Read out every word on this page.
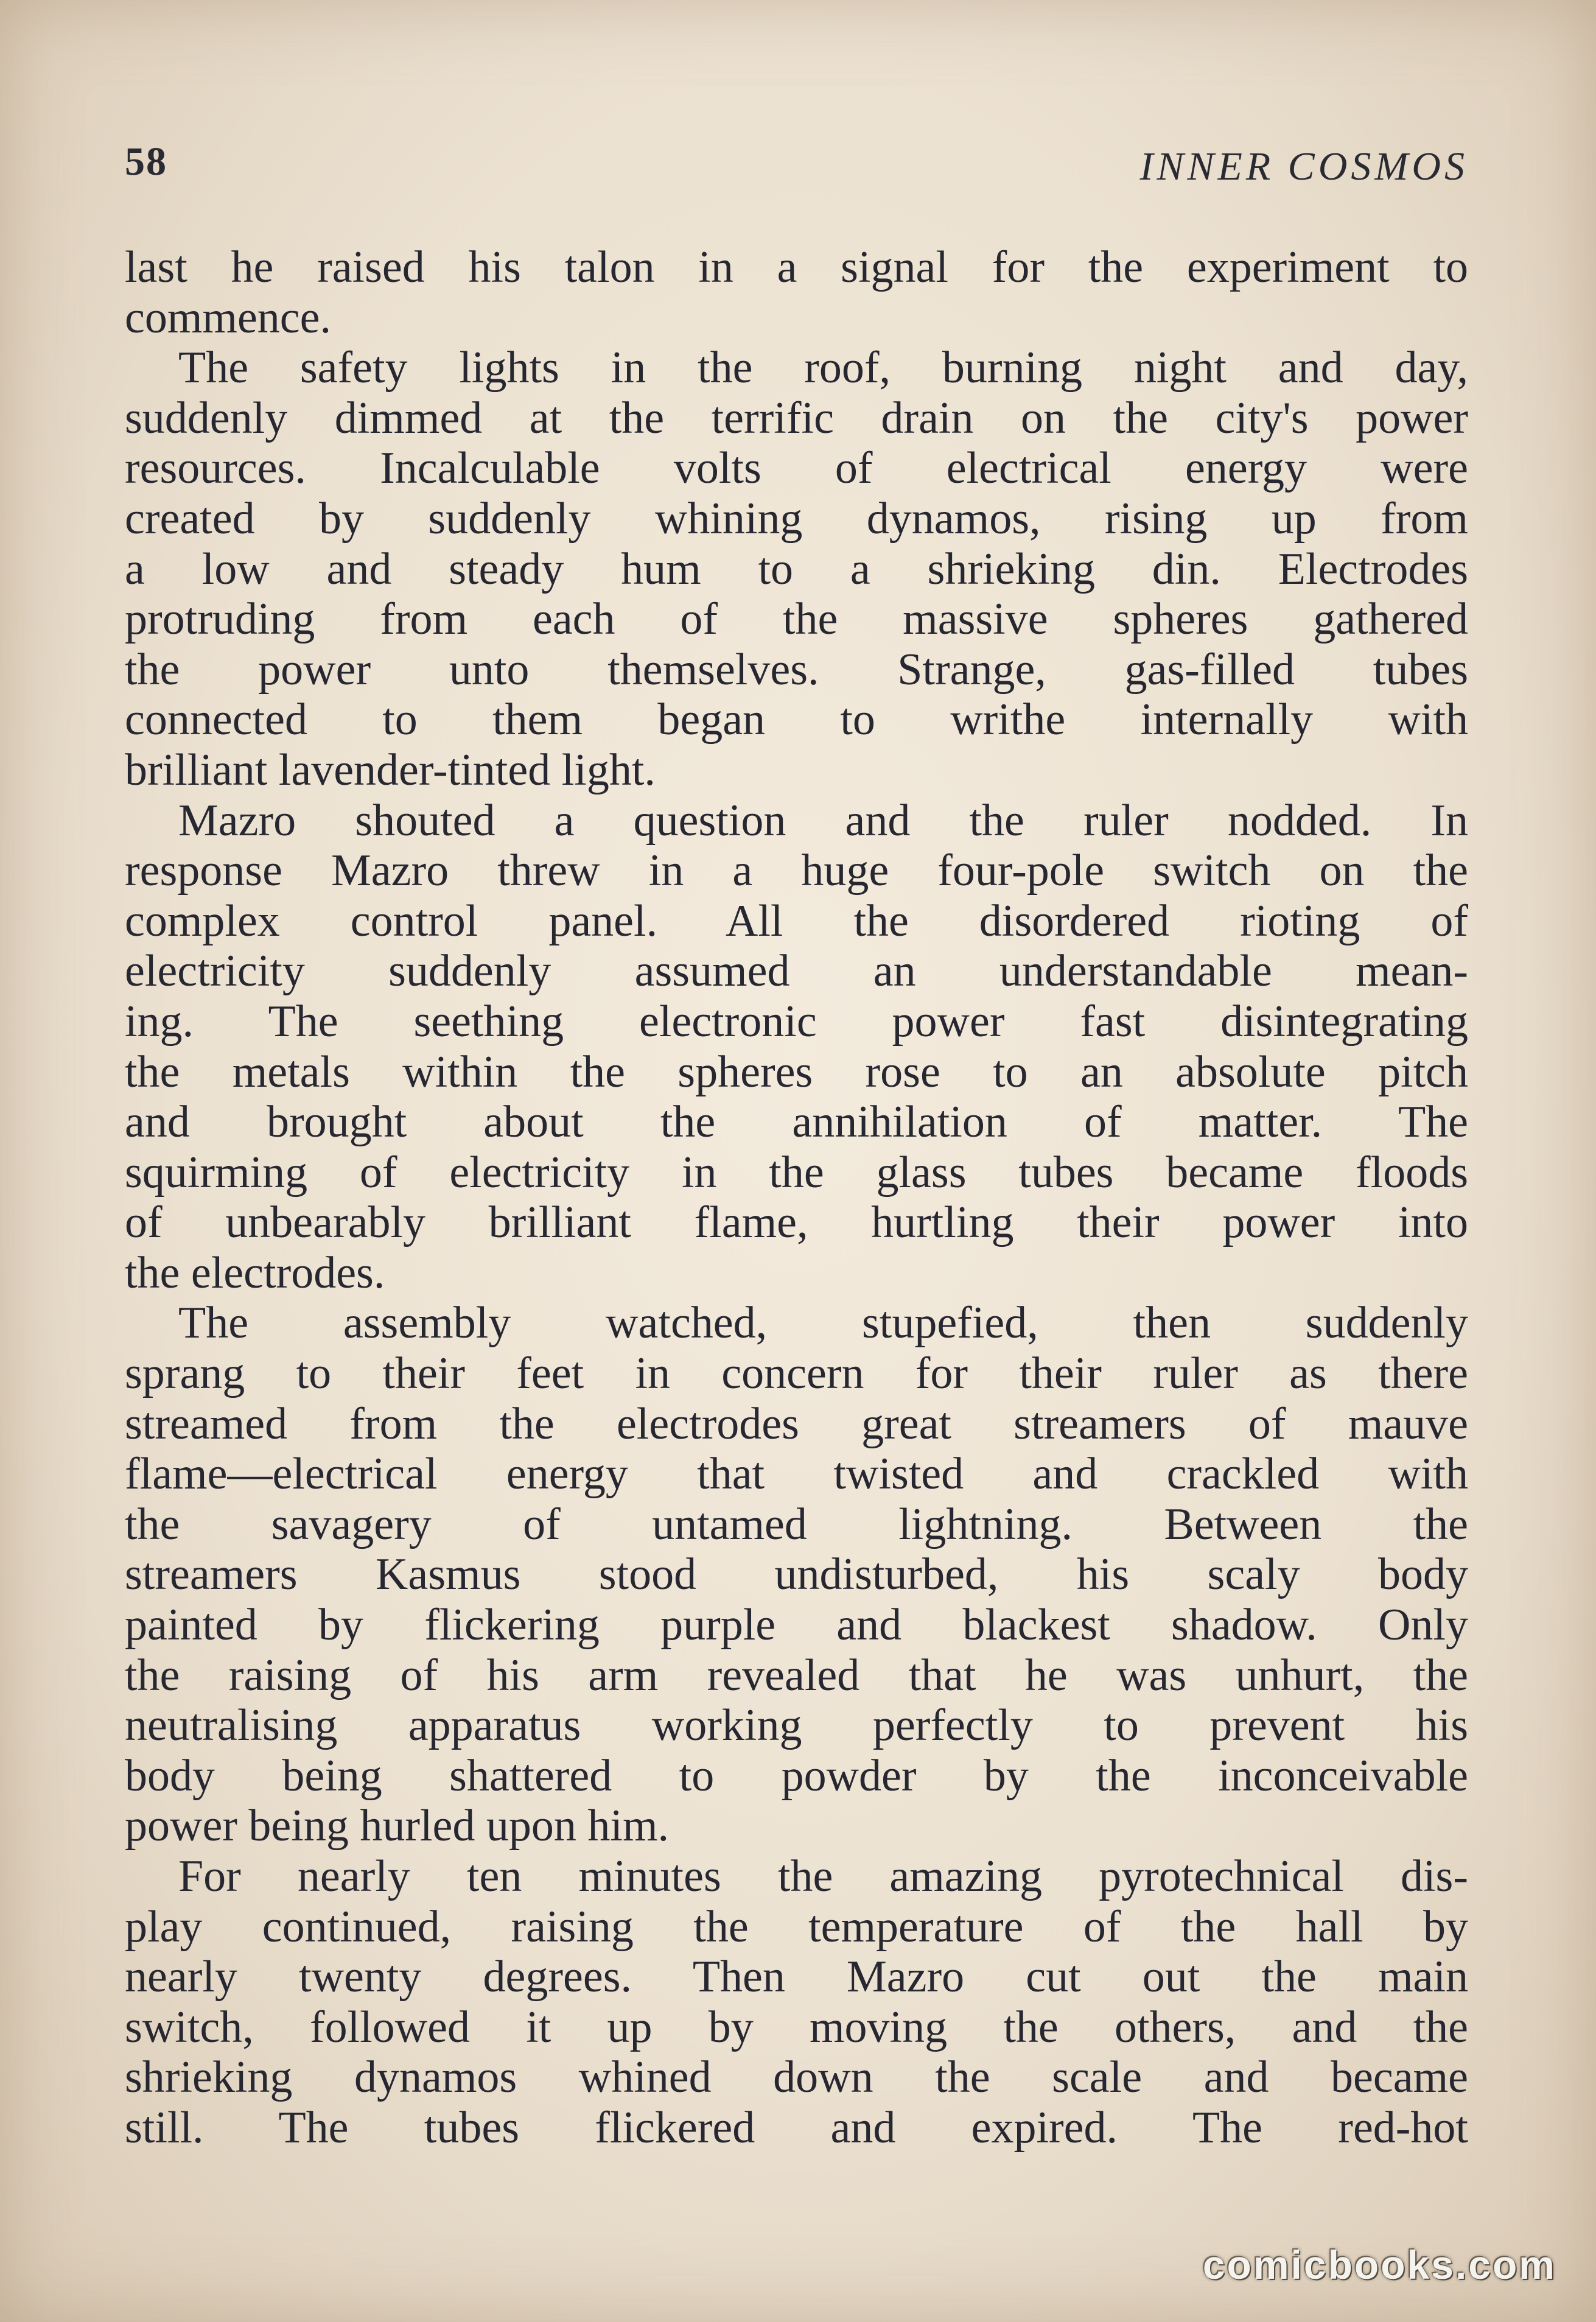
58	INNER COSMOS
last he raised his talon in a signal for the experiment to
commence.
The safety lights in the roof, burning night and day,
suddenly dimmed at the terrific drain on the city's power
resources. Incalculable volts of electrical energy were
created by suddenly whining dynamos, rising up from
a low and steady hum to a shrieking din. Electrodes
protruding from each of the massive spheres gathered
the power unto themselves. Strange, gas-filled tubes
connected to them began to writhe internally with
brilliant lavender-tinted light.
Mazro shouted a question and the ruler nodded. In
response Mazro threw in a huge four-pole switch on the
complex control panel. All the disordered rioting of
electricity suddenly assumed an understandable mean-
ing. The seething electronic power fast disintegrating
the metals within the spheres rose to an absolute pitch
and brought about the annihilation of matter. The
squirming of electricity in the glass tubes became floods
of unbearably brilliant flame, hurtling their power into
the electrodes.
The assembly watched, stupefied, then suddenly
sprang to their feet in concern for their ruler as there
streamed from the electrodes great streamers of mauve
flame—electrical energy that twisted and crackled with
the savagery of untamed lightning. Between the
streamers Kasmus stood undisturbed, his scaly body
painted by flickering purple and blackest shadow. Only
the raising of his arm revealed that he was unhurt, the
neutralising apparatus working perfectly to prevent his
body being shattered to powder by the inconceivable
power being hurled upon him.
For nearly ten minutes the amazing pyrotechnical dis-
play continued, raising the temperature of the hall by
nearly twenty degrees. Then Mazro cut out the main
switch, followed it up by moving the others, and the
shrieking dynamos whined down the scale and became
still. The tubes flickered and expired. The red-hot
comicbooks.com
